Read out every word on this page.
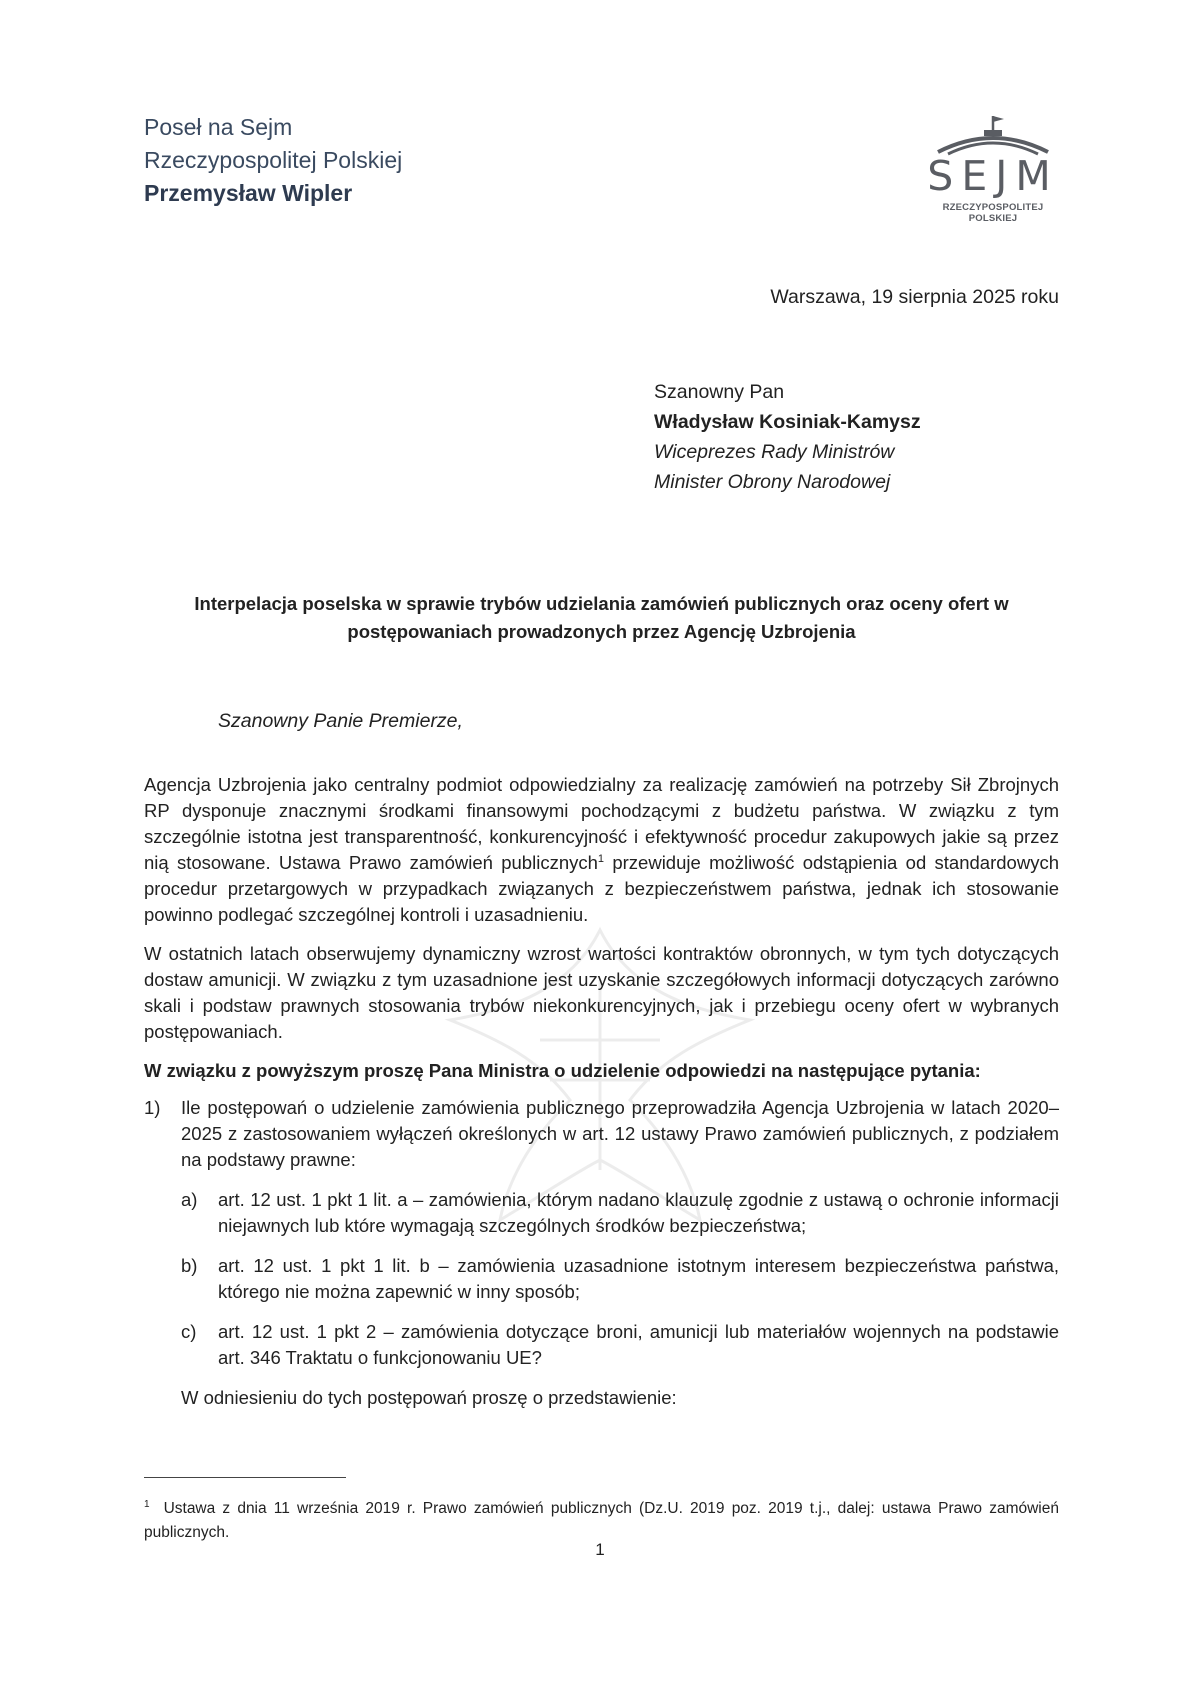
Poseł na Sejm
Rzeczypospolitej Polskiej
Przemysław Wipler	SEJM
RZECZYPOSPOLITEJ POLSKIEJ
Warszawa, 19 sierpnia 2025 roku
Szanowny Pan
Władysław Kosiniak-Kamysz
Wiceprezes Rady Ministrów
Minister Obrony Narodowej
Interpelacja poselska w sprawie trybów udzielania zamówień publicznych oraz oceny ofert w
postępowaniach prowadzonych przez Agencję Uzbrojenia
Szanowny Panie Premierze,

Agencja Uzbrojenia jako centralny podmiot odpowiedzialny za realizację zamówień na potrzeby Sił Zbrojnych RP dysponuje znacznymi środkami finansowymi pochodzącymi z budżetu państwa. W związku z tym szczególnie istotna jest transparentność, konkurencyjność i efektywność procedur zakupowych jakie są przez nią stosowane. Ustawa Prawo zamówień publicznych$^1$ przewiduje możliwość odstąpienia od standardowych procedur przetargowych w przypadkach związanych z bezpieczeństwem państwa, jednak ich stosowanie powinno podlegać szczególnej kontroli i uzasadnieniu.

W ostatnich latach obserwujemy dynamiczny wzrost wartości kontraktów obronnych, w tym tych dotyczących dostaw amunicji. W związku z tym uzasadnione jest uzyskanie szczegółowych informacji dotyczących zarówno skali i podstaw prawnych stosowania trybów niekonkurencyjnych, jak i przebiegu oceny ofert w wybranych postępowaniach.

W związku z powyższym proszę Pana Ministra o udzielenie odpowiedzi na następujące pytania:

1)	Ile postępowań o udzielenie zamówienia publicznego przeprowadziła Agencja Uzbrojenia w latach 2020–2025 z zastosowaniem wyłączeń określonych w art. 12 ustawy Prawo zamówień publicznych, z podziałem na podstawy prawne:
a)	art. 12 ust. 1 pkt 1 lit. a – zamówienia, którym nadano klauzulę zgodnie z ustawą o ochronie informacji niejawnych lub które wymagają szczególnych środków bezpieczeństwa;
b)	art. 12 ust. 1 pkt 1 lit. b – zamówienia uzasadnione istotnym interesem bezpieczeństwa państwa, którego nie można zapewnić w inny sposób;
c)	art. 12 ust. 1 pkt 2 – zamówienia dotyczące broni, amunicji lub materiałów wojennych na podstawie art. 346 Traktatu o funkcjonowaniu UE?
W odniesieniu do tych postępowań proszę o przedstawienie:
$^1$ Ustawa z dnia 11 września 2019 r. Prawo zamówień publicznych (Dz.U. 2019 poz. 2019 t.j., dalej: ustawa Prawo zamówień publicznych.
1
